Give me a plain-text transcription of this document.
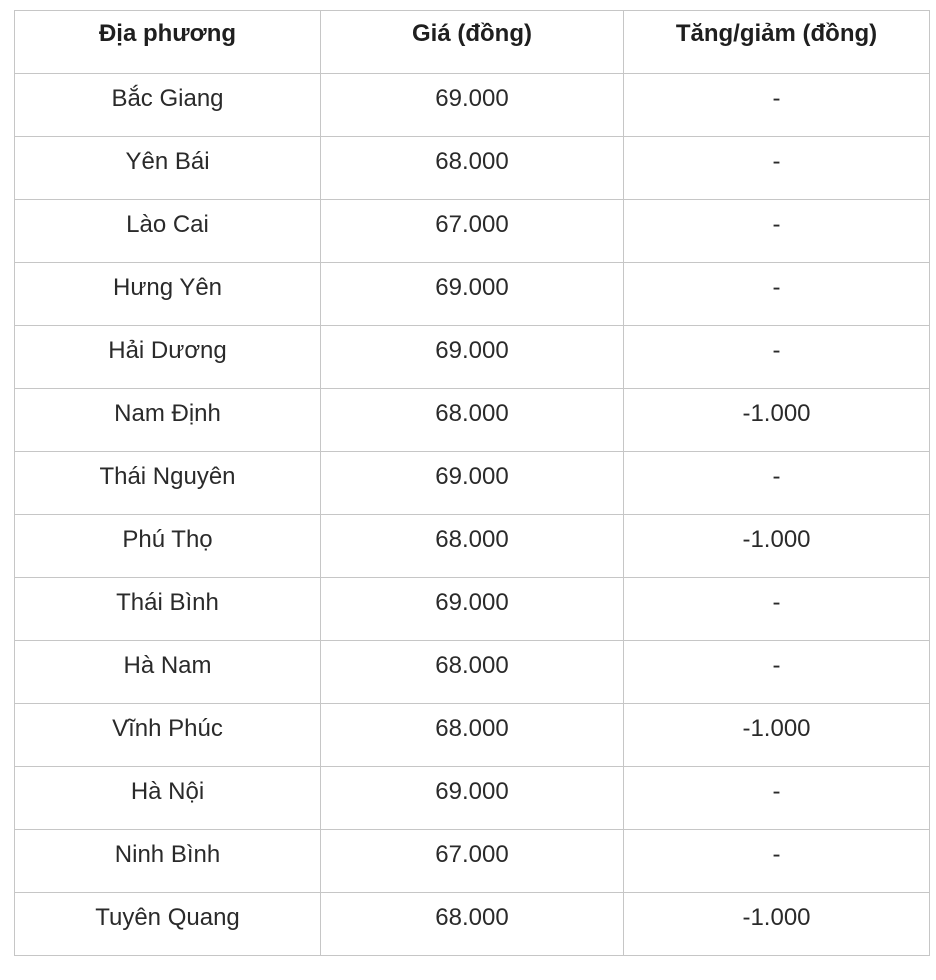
Địa phương	Giá (đồng)	Tăng/giảm (đồng)
Bắc Giang	69.000	-
Yên Bái	68.000	-
Lào Cai	67.000	-
Hưng Yên	69.000	-
Hải Dương	69.000	-
Nam Định	68.000	-1.000
Thái Nguyên	69.000	-
Phú Thọ	68.000	-1.000
Thái Bình	69.000	-
Hà Nam	68.000	-
Vĩnh Phúc	68.000	-1.000
Hà Nội	69.000	-
Ninh Bình	67.000	-
Tuyên Quang	68.000	-1.000
